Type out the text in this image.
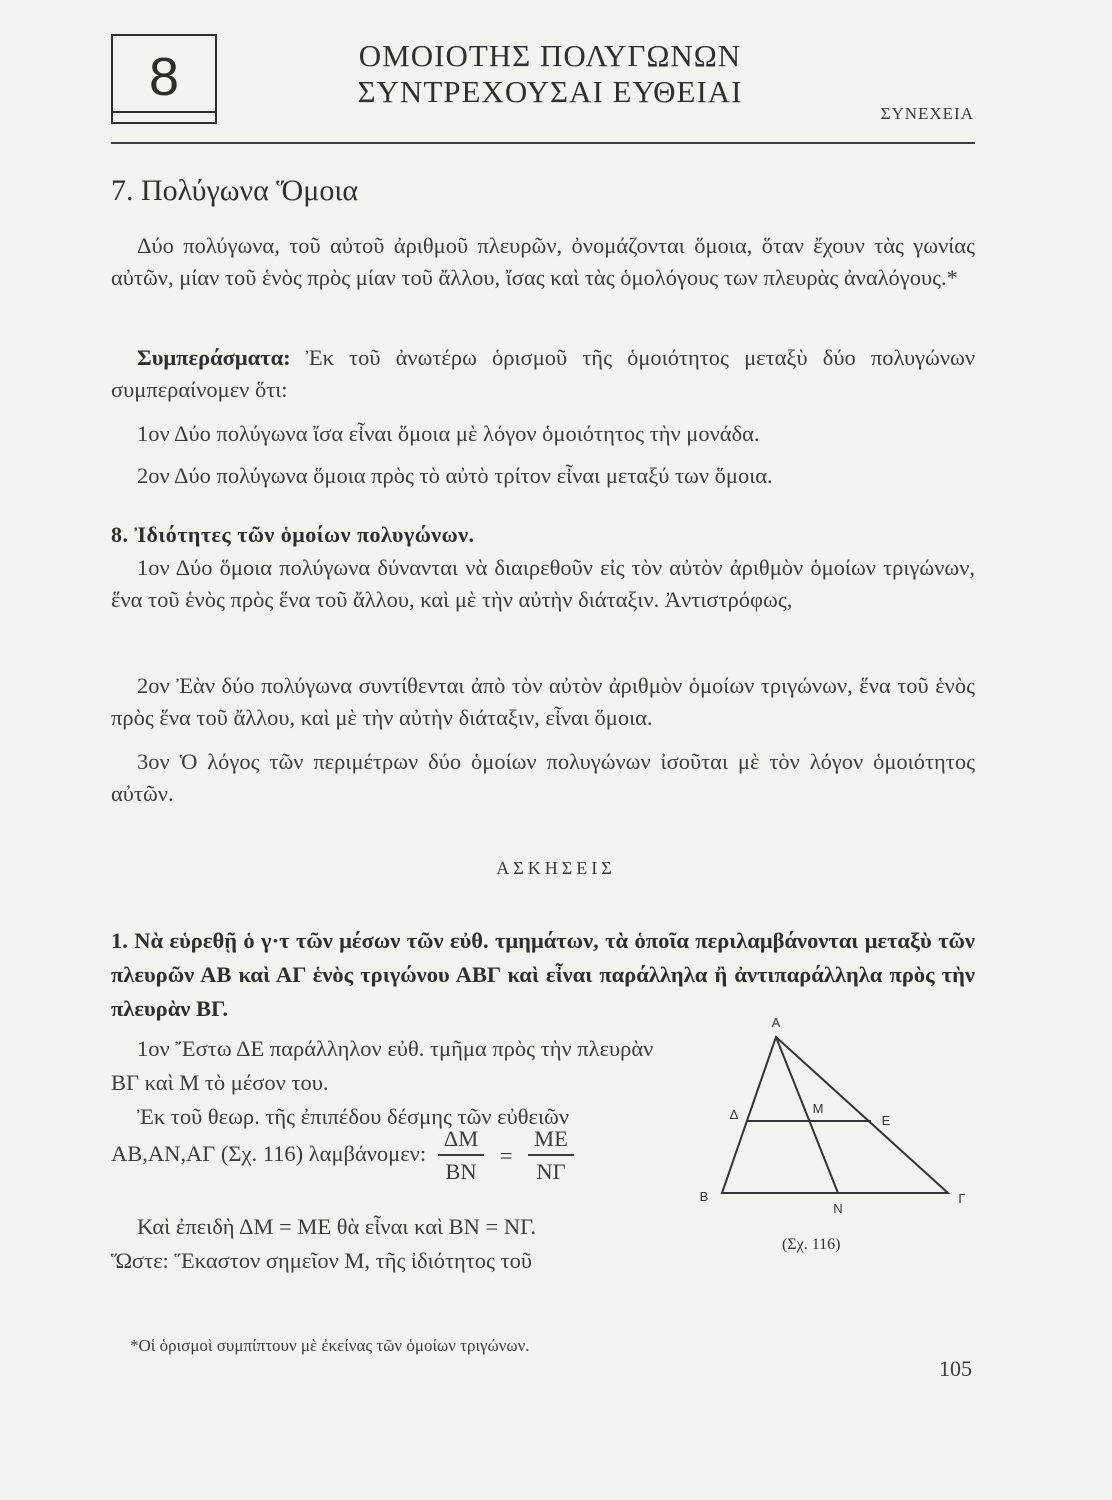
8	ΟΜΟΙΟΤΗΣ ΠΟΛΥΓΩΝΩΝ
ΣΥΝΤΡΕΧΟΥΣΑΙ ΕΥΘΕΙΑΙ
ΣΥΝΕΧΕΙΑ
7. Πολύγωνα Ὅμοια

Δύο πολύγωνα, τοῦ αὐτοῦ ἀριθμοῦ πλευρῶν, ὀνομάζονται ὅμοια, ὅταν ἔχουν τὰς γωνίας αὐτῶν, μίαν τοῦ ἑνὸς πρὸς μίαν τοῦ ἄλλου, ἴσας καὶ τὰς ὁμολόγους των πλευρὰς ἀναλόγους.*

Συμπεράσματα: Ἐκ τοῦ ἀνωτέρω ὁρισμοῦ τῆς ὁμοιότητος μεταξὺ δύο πολυγώνων συμπεραίνομεν ὅτι:

1ον Δύο πολύγωνα ἴσα εἶναι ὅμοια μὲ λόγον ὁμοιότητος τὴν μονάδα.

2ον Δύο πολύγωνα ὅμοια πρὸς τὸ αὐτὸ τρίτον εἶναι μεταξύ των ὅμοια.

8. Ἰδιότητες τῶν ὁμοίων πολυγώνων.

1ον Δύο ὅμοια πολύγωνα δύνανται νὰ διαιρεθοῦν εἰς τὸν αὐτὸν ἀριθμὸν ὁμοίων τριγώνων, ἕνα τοῦ ἑνὸς πρὸς ἕνα τοῦ ἄλλου, καὶ μὲ τὴν αὐτὴν διάταξιν. Ἀντιστρόφως,

2ον Ἐὰν δύο πολύγωνα συντίθενται ἀπὸ τὸν αὐτὸν ἀριθμὸν ὁμοίων τριγώνων, ἕνα τοῦ ἑνὸς πρὸς ἕνα τοῦ ἄλλου, καὶ μὲ τὴν αὐτὴν διάταξιν, εἶναι ὅμοια.

3ον Ὁ λόγος τῶν περιμέτρων δύο ὁμοίων πολυγώνων ἰσοῦται μὲ τὸν λόγον ὁμοιότητος αὐτῶν.

ΑΣΚΗΣΕΙΣ

1. Νὰ εὑρεθῇ ὁ γ·τ τῶν μέσων τῶν εὐθ. τμημάτων, τὰ ὁποῖα περιλαμβάνονται μεταξὺ τῶν πλευρῶν ΑΒ καὶ ΑΓ ἑνὸς τριγώνου ΑΒΓ καὶ εἶναι παράλληλα ἢ ἀντιπαράλληλα πρὸς τὴν πλευρὰν ΒΓ.

1ον Ἔστω ΔΕ παράλληλον εὐθ. τμῆμα πρὸς τὴν πλευρὰν ΒΓ καὶ Μ τὸ μέσον του.

Ἐκ τοῦ θεωρ. τῆς ἐπιπέδου δέσμης τῶν εὐθειῶν

ΑΒ,ΑΝ,ΑΓ (Σχ. 116) λαμβάνομεν: $\frac{\Delta M}{BN} = \frac{ME}{N\Gamma}$

Καὶ ἐπειδὴ ΔΜ = ΜΕ θὰ εἶναι καὶ ΒΝ = ΝΓ.

Ὥστε: Ἕκαστον σημεῖον Μ, τῆς ἰδιότητος τοῦ

A
Δ	M
E
B
N
Γ
(Σχ. 116)
*Οἱ ὁρισμοὶ συμπίπτουν μὲ ἐκείνας τῶν ὁμοίων τριγώνων.
105
